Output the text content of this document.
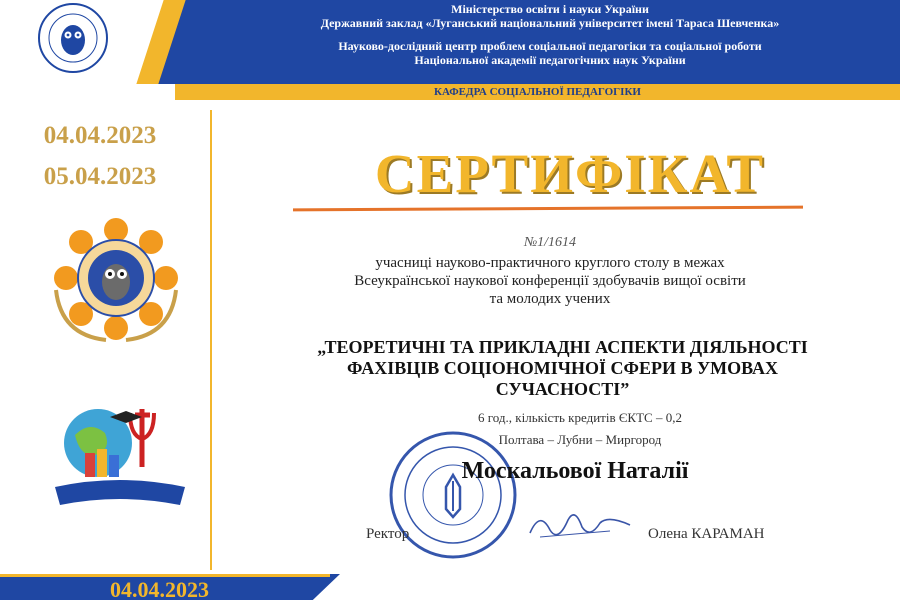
Міністерство освіти і науки України
Державний заклад «Луганський національний університет імені Тараса Шевченка»
Науково-дослідний центр проблем соціальної педагогіки та соціальної роботи
Національної академії педагогічних наук України
КАФЕДРА СОЦІАЛЬНОЇ ПЕДАГОГІКИ
04.04.2023
05.04.2023	СЕРТИФІКАТ
№1/1614
учасниці науково-практичного круглого столу в межах
Всеукраїнської наукової конференції здобувачів вищої освіти
та молодих учених
„ТЕОРЕТИЧНІ ТА ПРИКЛАДНІ АСПЕКТИ ДІЯЛЬНОСТІ
ФАХІВЦІВ СОЦІОНОМІЧНОЇ СФЕРИ В УМОВАХ
СУЧАСНОСТІ”
6 год., кількість кредитів ЄКТС – 0,2
Полтава – Лубни – Миргород
Москальової Наталії
Ректор	Олена КАРАМАН
04.04.2023
